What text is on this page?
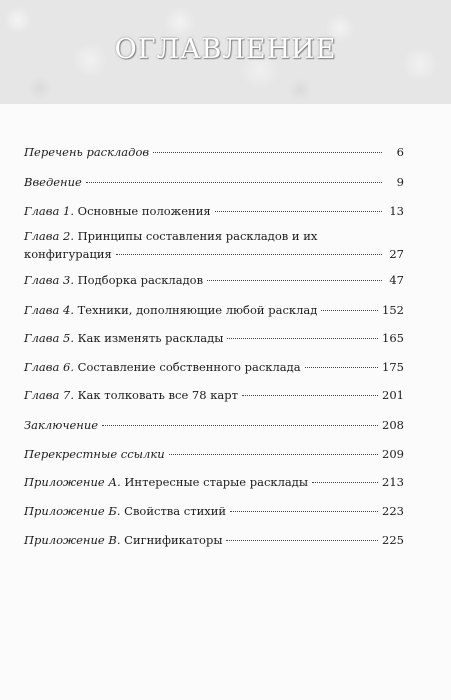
ОГЛАВЛЕНИЕ
Перечень раскладов	6
Введение	9
Глава 1. Основные положения	13
Глава 2. Принципы составления раскладов и их
конфигурация	27
Глава 3. Подборка раскладов	47
Глава 4. Техники, дополняющие любой расклад	152
Глава 5. Как изменять расклады	165
Глава 6. Составление собственного расклада	175
Глава 7. Как толковать все 78 карт	201
Заключение	208
Перекрестные ссылки	209
Приложение А. Интересные старые расклады	213
Приложение Б. Свойства стихий	223
Приложение В. Сигнификаторы	225
